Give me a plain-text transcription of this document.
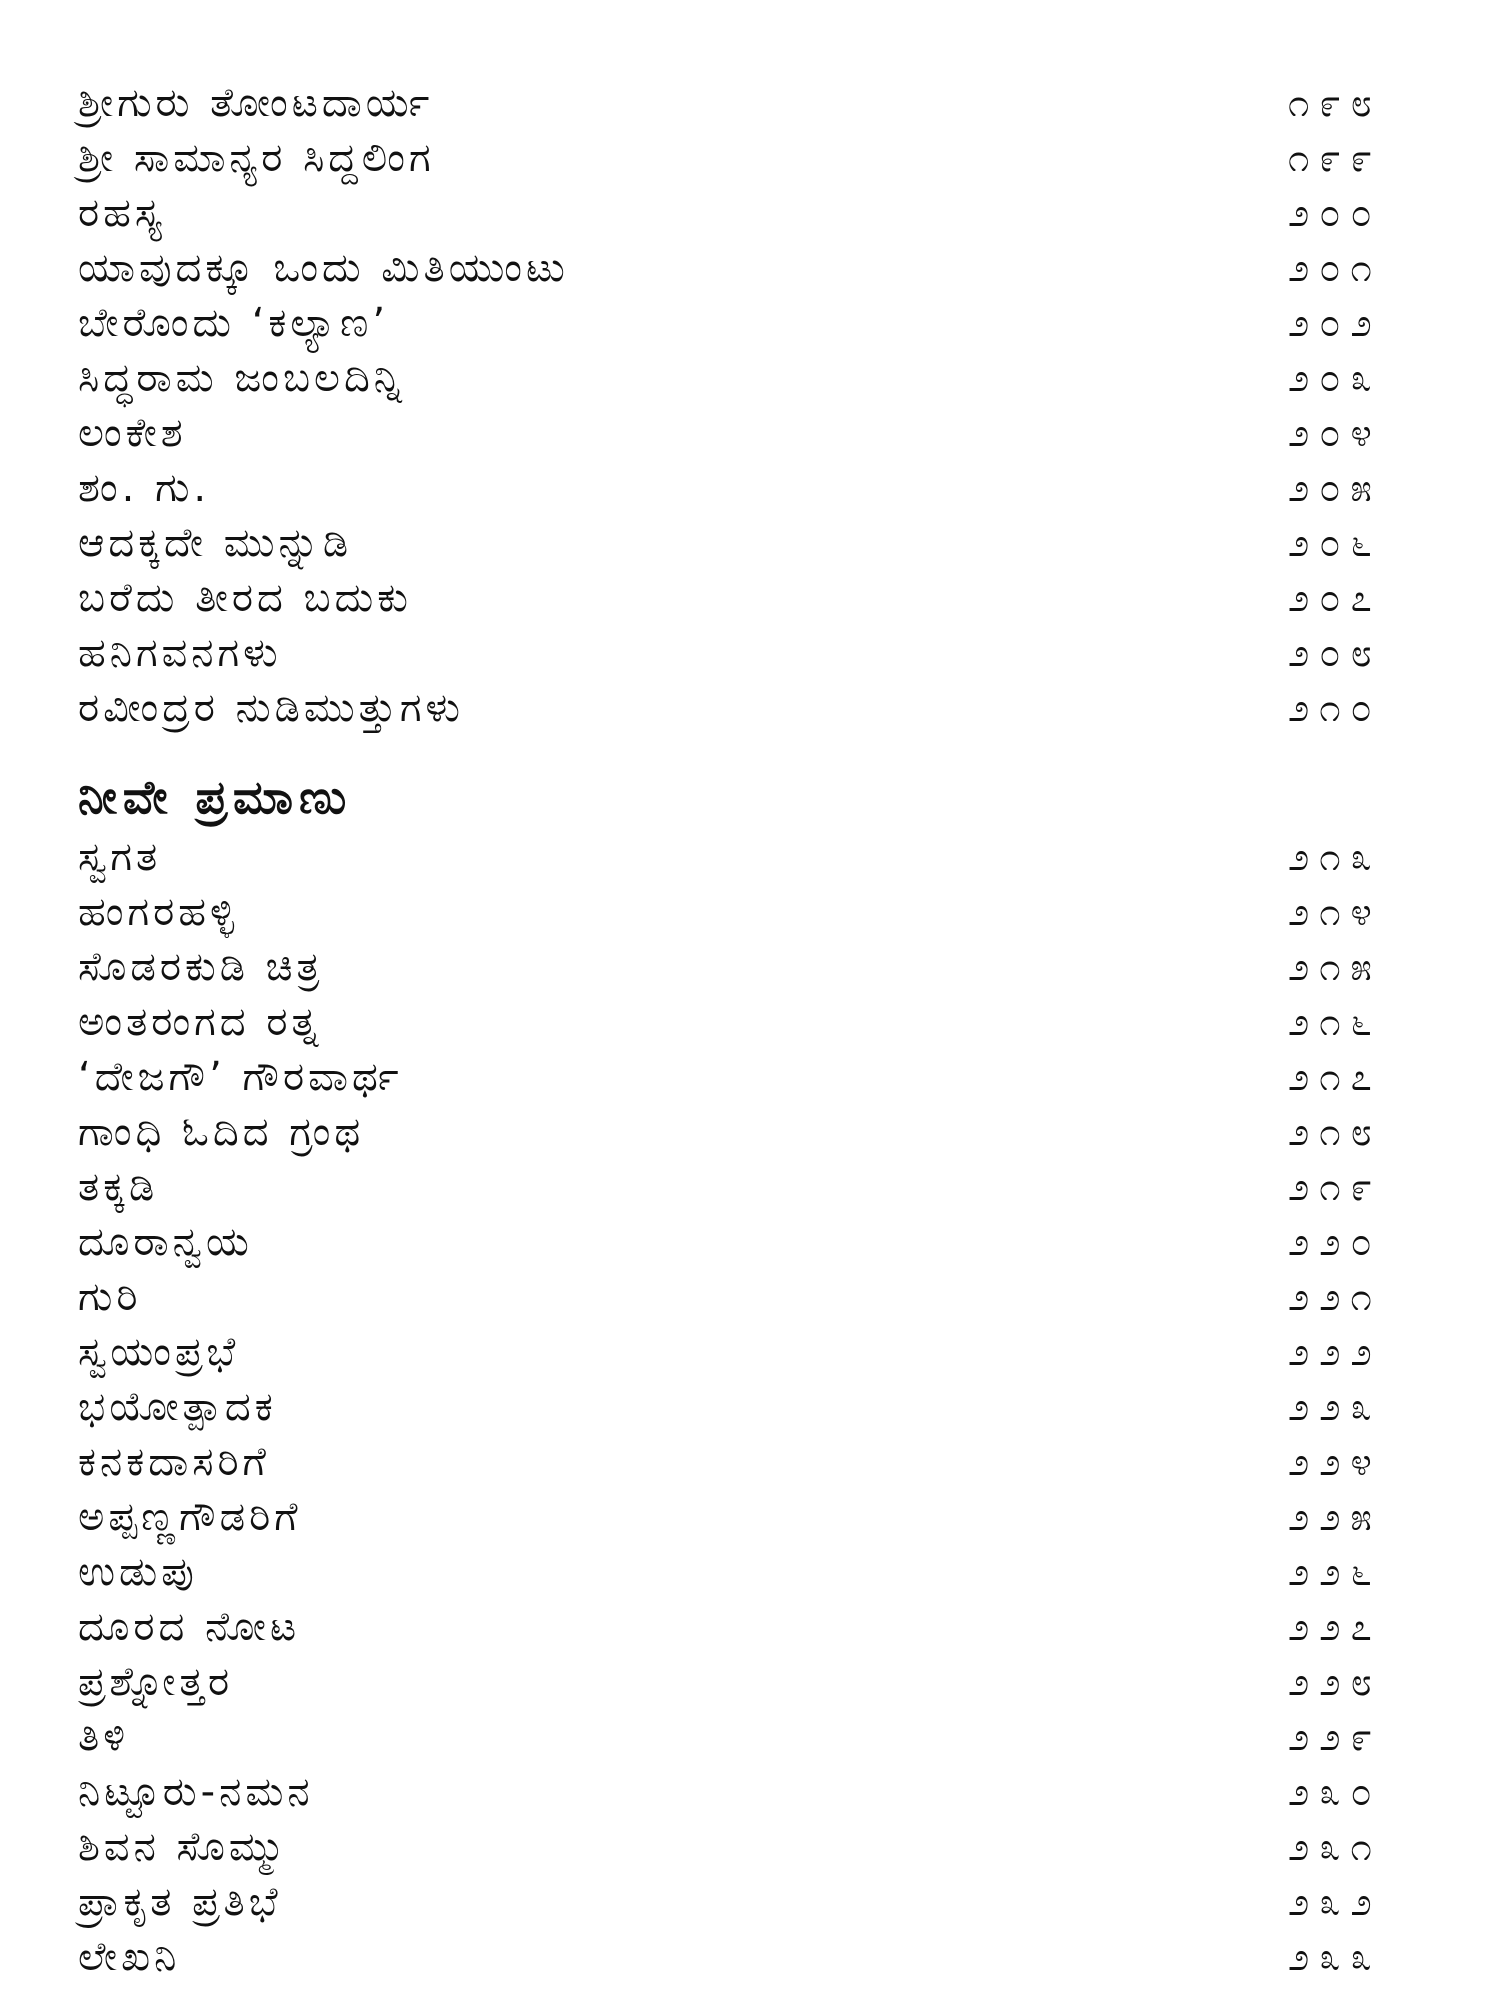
ಶ್ರೀಗುರು ತೋಂಟದಾರ್ಯ	೧೯೮
ಶ್ರೀ ಸಾಮಾನ್ಯರ ಸಿದ್ದಲಿಂಗ	೧೯೯
ರಹಸ್ಯ	೨೦೦
ಯಾವುದಕ್ಕೂ ಒಂದು ಮಿತಿಯುಂಟು	೨೦೧
ಬೇರೊಂದು ‘ಕಲ್ಯಾಣ’	೨೦೨
ಸಿದ್ಧರಾಮ ಜಂಬಲದಿನ್ನಿ	೨೦೩
ಲಂಕೇಶ	೨೦೪
ಶಂ. ಗು.	೨೦೫
ಆದಕ್ಕದೇ ಮುನ್ನುಡಿ	೨೦೬
ಬರೆದು ತೀರದ ಬದುಕು	೨೦೭
ಹನಿಗವನಗಳು	೨೦೮
ರವೀಂದ್ರರ ನುಡಿಮುತ್ತುಗಳು	೨೧೦
ನೀವೇ ಪ್ರಮಾಣು
ಸ್ವಗತ	೨೧೩
ಹಂಗರಹಳ್ಳಿ	೨೧೪
ಸೊಡರಕುಡಿ ಚಿತ್ರ	೨೧೫
ಅಂತರಂಗದ ರತ್ನ	೨೧೬
‘ದೇಜಗೌ’ ಗೌರವಾರ್ಥ	೨೧೭
ಗಾಂಧಿ ಓದಿದ ಗ್ರಂಥ	೨೧೮
ತಕ್ಕಡಿ	೨೧೯
ದೂರಾನ್ವಯ	೨೨೦
ಗುರಿ	೨೨೧
ಸ್ವಯಂಪ್ರಭೆ	೨೨೨
ಭಯೋತ್ಪಾದಕ	೨೨೩
ಕನಕದಾಸರಿಗೆ	೨೨೪
ಅಪ್ಪಣ್ಣಗೌಡರಿಗೆ	೨೨೫
ಉಡುಪು	೨೨೬
ದೂರದ ನೋಟ	೨೨೭
ಪ್ರಶ್ನೋತ್ತರ	೨೨೮
ತಿಳಿ	೨೨೯
ನಿಟ್ಟೂರು-ನಮನ	೨೩೦
ಶಿವನ ಸೊಮ್ಮು	೨೩೧
ಪ್ರಾಕೃತ ಪ್ರತಿಭೆ	೨೩೨
ಲೇಖನಿ	೨೩೩
